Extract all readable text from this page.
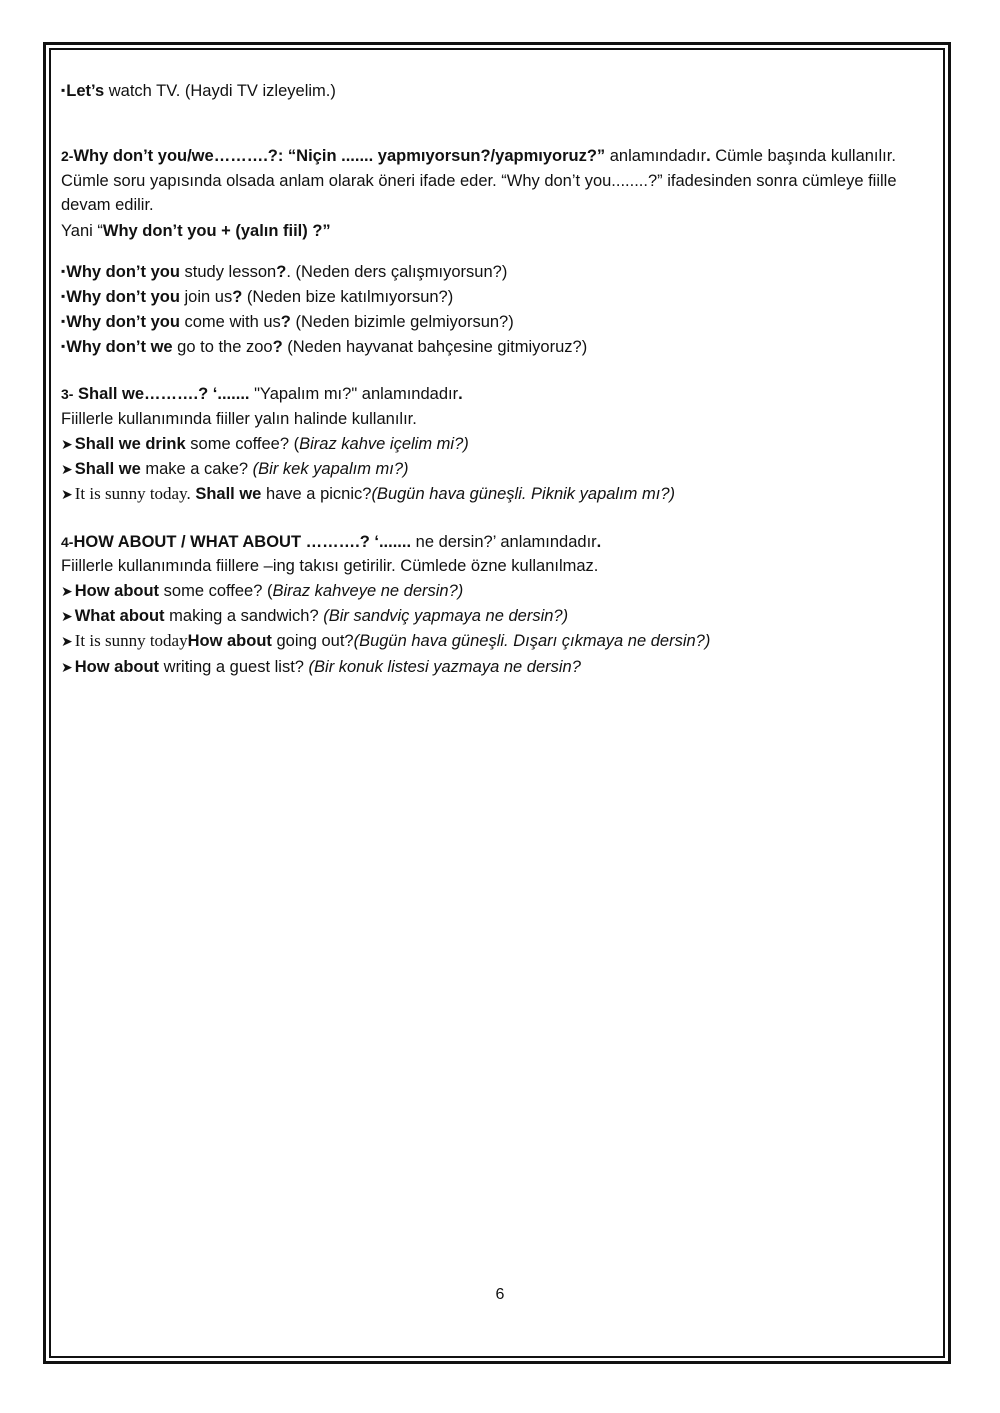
▪Let’s watch TV. (Haydi TV izleyelim.)
2-Why don’t you/we……….?: “Niçin ....... yapmıyorsun?/yapmıyoruz?” anlamındadır. Cümle başında kullanılır. Cümle soru yapısında olsada anlam olarak öneri ifade eder. “Why don’t you........?” ifadesinden sonra cümleye fiille devam edilir.
Yani “Why don’t you + (yalın fiil) ?”
▪Why don’t you study lesson?. (Neden ders çalışmıyorsun?)
▪Why don’t you join us? (Neden bize katılmıyorsun?)
▪Why don’t you come with us? (Neden bizimle gelmiyorsun?)
▪Why don’t we go to the zoo? (Neden hayvanat bahçesine gitmiyoruz?)
3- Shall we……….? ‘....... "Yapalım mı?" anlamındadır.
Fiillerle kullanımında fiiller yalın halinde kullanılır.
➤ Shall we drink some coffee? (Biraz kahve içelim mi?)
➤ Shall we make a cake? (Bir kek yapalım mı?)
➤ It is sunny today. Shall we have a picnic?(Bugün hava güneşli. Piknik yapalım mı?)
4-HOW ABOUT / WHAT ABOUT ……….? ‘....... ne dersin?’ anlamındadır.
Fiillerle kullanımında fiillere –ing takısı getirilir. Cümlede özne kullanılmaz.
➤ How about some coffee? (Biraz kahveye ne dersin?)
➤ What about making a sandwich? (Bir sandviç yapmaya ne dersin?)
➤ It is sunny todayHow about going out?(Bugün hava güneşli. Dışarı çıkmaya ne dersin?)
➤ How about writing a guest list? (Bir konuk listesi yazmaya ne dersin?
6
